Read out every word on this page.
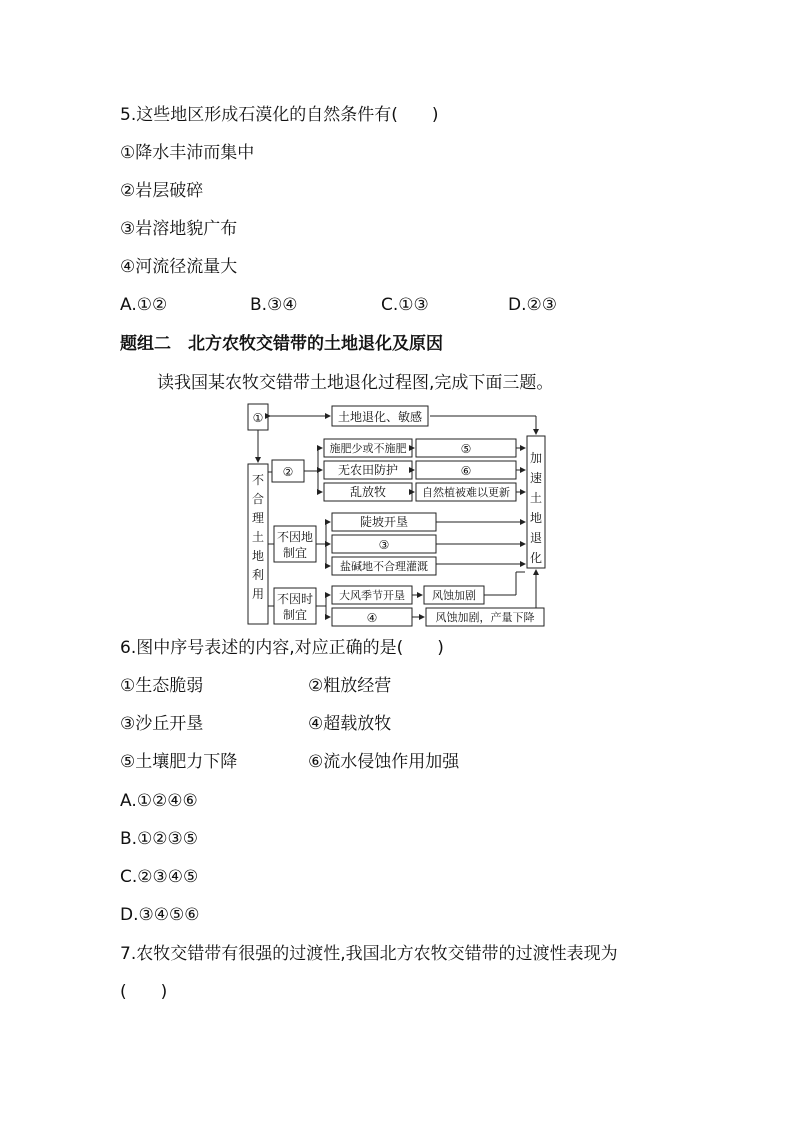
5.这些地区形成石漠化的自然条件有(　　)
①降水丰沛而集中
②岩层破碎
③岩溶地貌广布
④河流径流量大
A.①②	B.③④	C.①③	D.②③
题组二　北方农牧交错带的土地退化及原因
读我国某农牧交错带土地退化过程图,完成下面三题。
①	土地退化、敏感
不
合
理
土
地
利
用
②
施肥少或不施肥
无农田防护
乱放牧
⑤
⑥
自然植被难以更新
加
速
土
地
退
化
不因地
制宜
陡坡开垦
③
盐碱地不合理灌溉
不因时
制宜
大风季节开垦
④
风蚀加剧
风蚀加剧，产量下降
6.图中序号表述的内容,对应正确的是(　　)
①生态脆弱	②粗放经营
③沙丘开垦	④超载放牧
⑤土壤肥力下降	⑥流水侵蚀作用加强
A.①②④⑥
B.①②③⑤
C.②③④⑤
D.③④⑤⑥
7.农牧交错带有很强的过渡性,我国北方农牧交错带的过渡性表现为
(　　)
